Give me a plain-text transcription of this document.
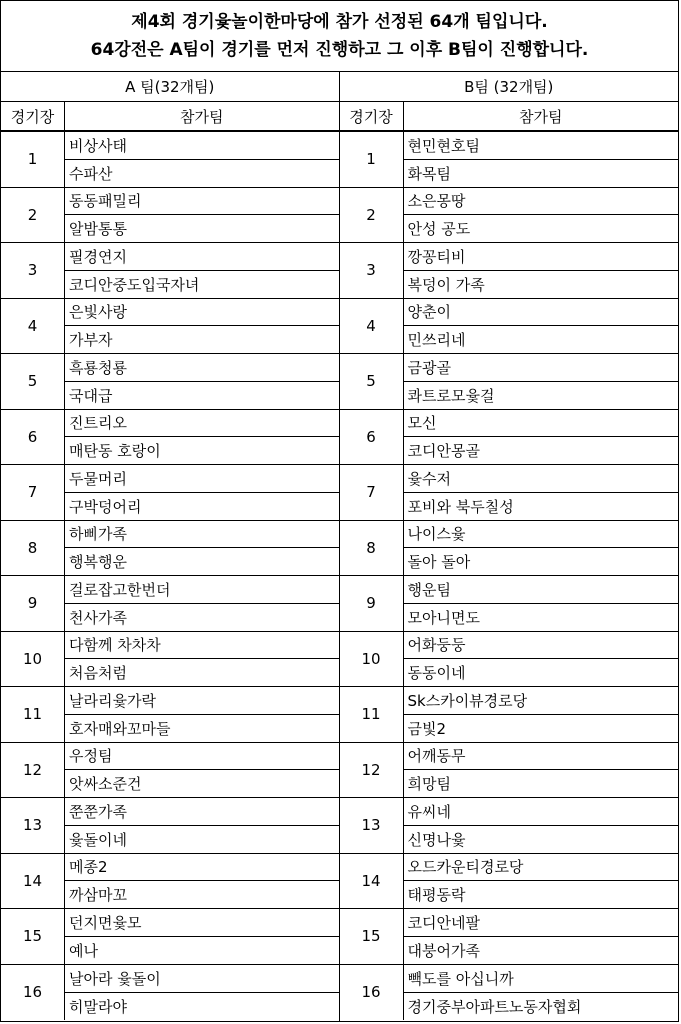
제4회 경기윷놀이한마당에 참가 선정된 64개 팀입니다.
64강전은 A팀이 경기를 먼저 진행하고 그 이후 B팀이 진행합니다.
A 팀(32개팀)
경기장	참가팀
1
비상사태
수파산
2
동동패밀리
알밤통통
3
필경연지
코디안중도입국자녀
4
은빛사랑
가부자
5
흑룡청룡
국대급
6
진트리오
매탄동 호랑이
7
두물머리
구박덩어리
8
하삐가족
행복행운
9
걸로잡고한번더
천사가족
10
다함께 차차차
처음처럼
11
날라리윷가락
호자매와꼬마들
12
우정팀
앗싸소준건
13
쭌쭌가족
윷돌이네
14
메종2
까삼마꼬
15
던지면윷모
예나
16
날아라 윷돌이
히말라야
B팀 (32개팀)
경기장	참가팀
1
현민현호팀
화목팀
2
소은몽땅
안성 공도
3
깡꽁티비
복덩이 가족
4
양춘이
민쓰리네
5
금광골
콰트로모윷걸
6
모신
코디안몽골
7
윷수저
포비와 북두칠성
8
나이스윷
돌아 돌아
9
행운팀
모아니면도
10
어화둥둥
동동이네
11
Sk스카이뷰경로당
금빛2
12
어깨동무
희망팀
13
유씨네
신명나윷
14
오드카운티경로당
태평동락
15
코디안네팔
대붕어가족
16
빽도를 아십니까
경기중부아파트노동자협회
